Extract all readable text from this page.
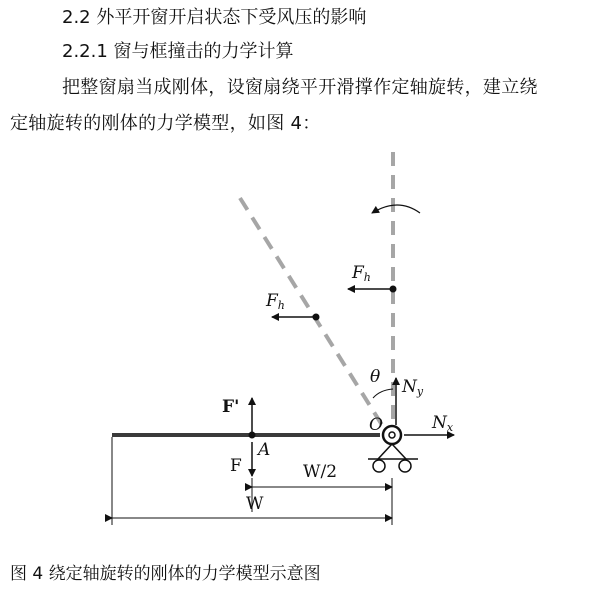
2.2 外平开窗开启状态下受风压的影响
2.2.1 窗与框撞击的力学计算
把整窗扇当成刚体，设窗扇绕平开滑撑作定轴旋转，建立绕
定轴旋转的刚体的力学模型，如图 4：
Fh
Fh
θ Ny
Nx
O
F'
F
A
W/2
W
图 4 绕定轴旋转的刚体的力学模型示意图
